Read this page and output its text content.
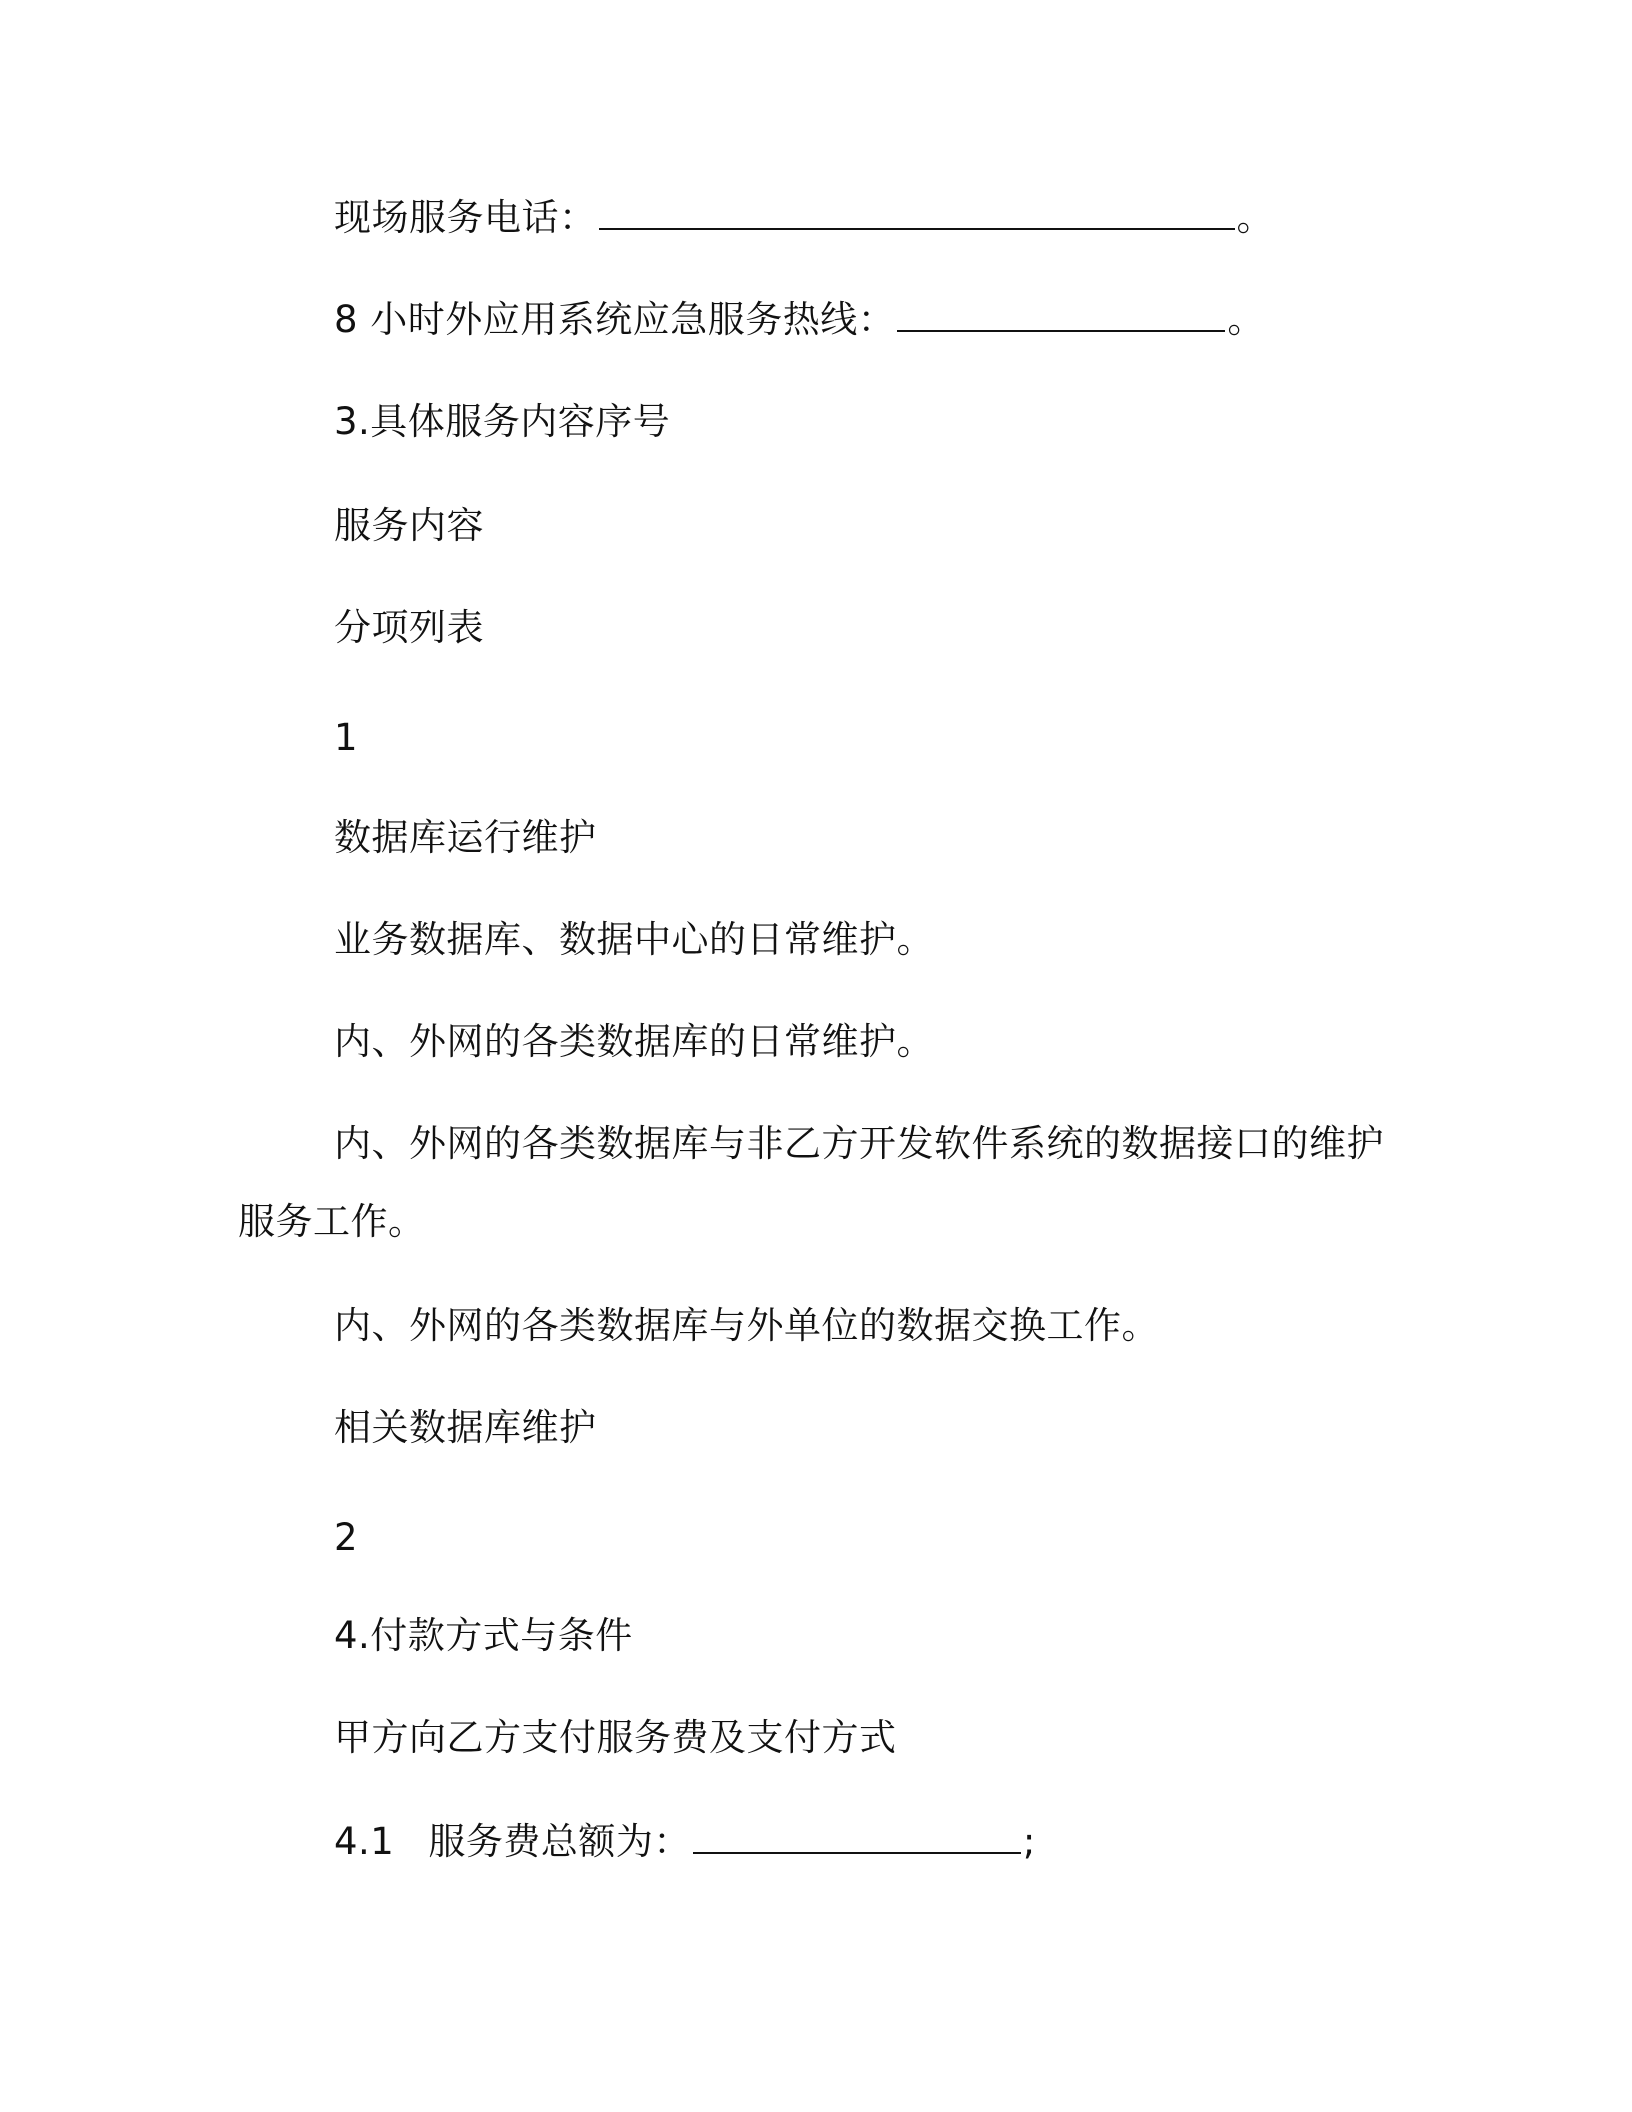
现场服务电话：	。
8 小时外应用系统应急服务热线：	。
3.具体服务内容序号
服务内容
分项列表
1
数据库运行维护
业务数据库、数据中心的日常维护。
内、外网的各类数据库的日常维护。
内、外网的各类数据库与非乙方开发软件系统的数据接口的维护
服务工作。
内、外网的各类数据库与外单位的数据交换工作。
相关数据库维护
2
4.付款方式与条件
甲方向乙方支付服务费及支付方式
4.1 服务费总额为：	;
